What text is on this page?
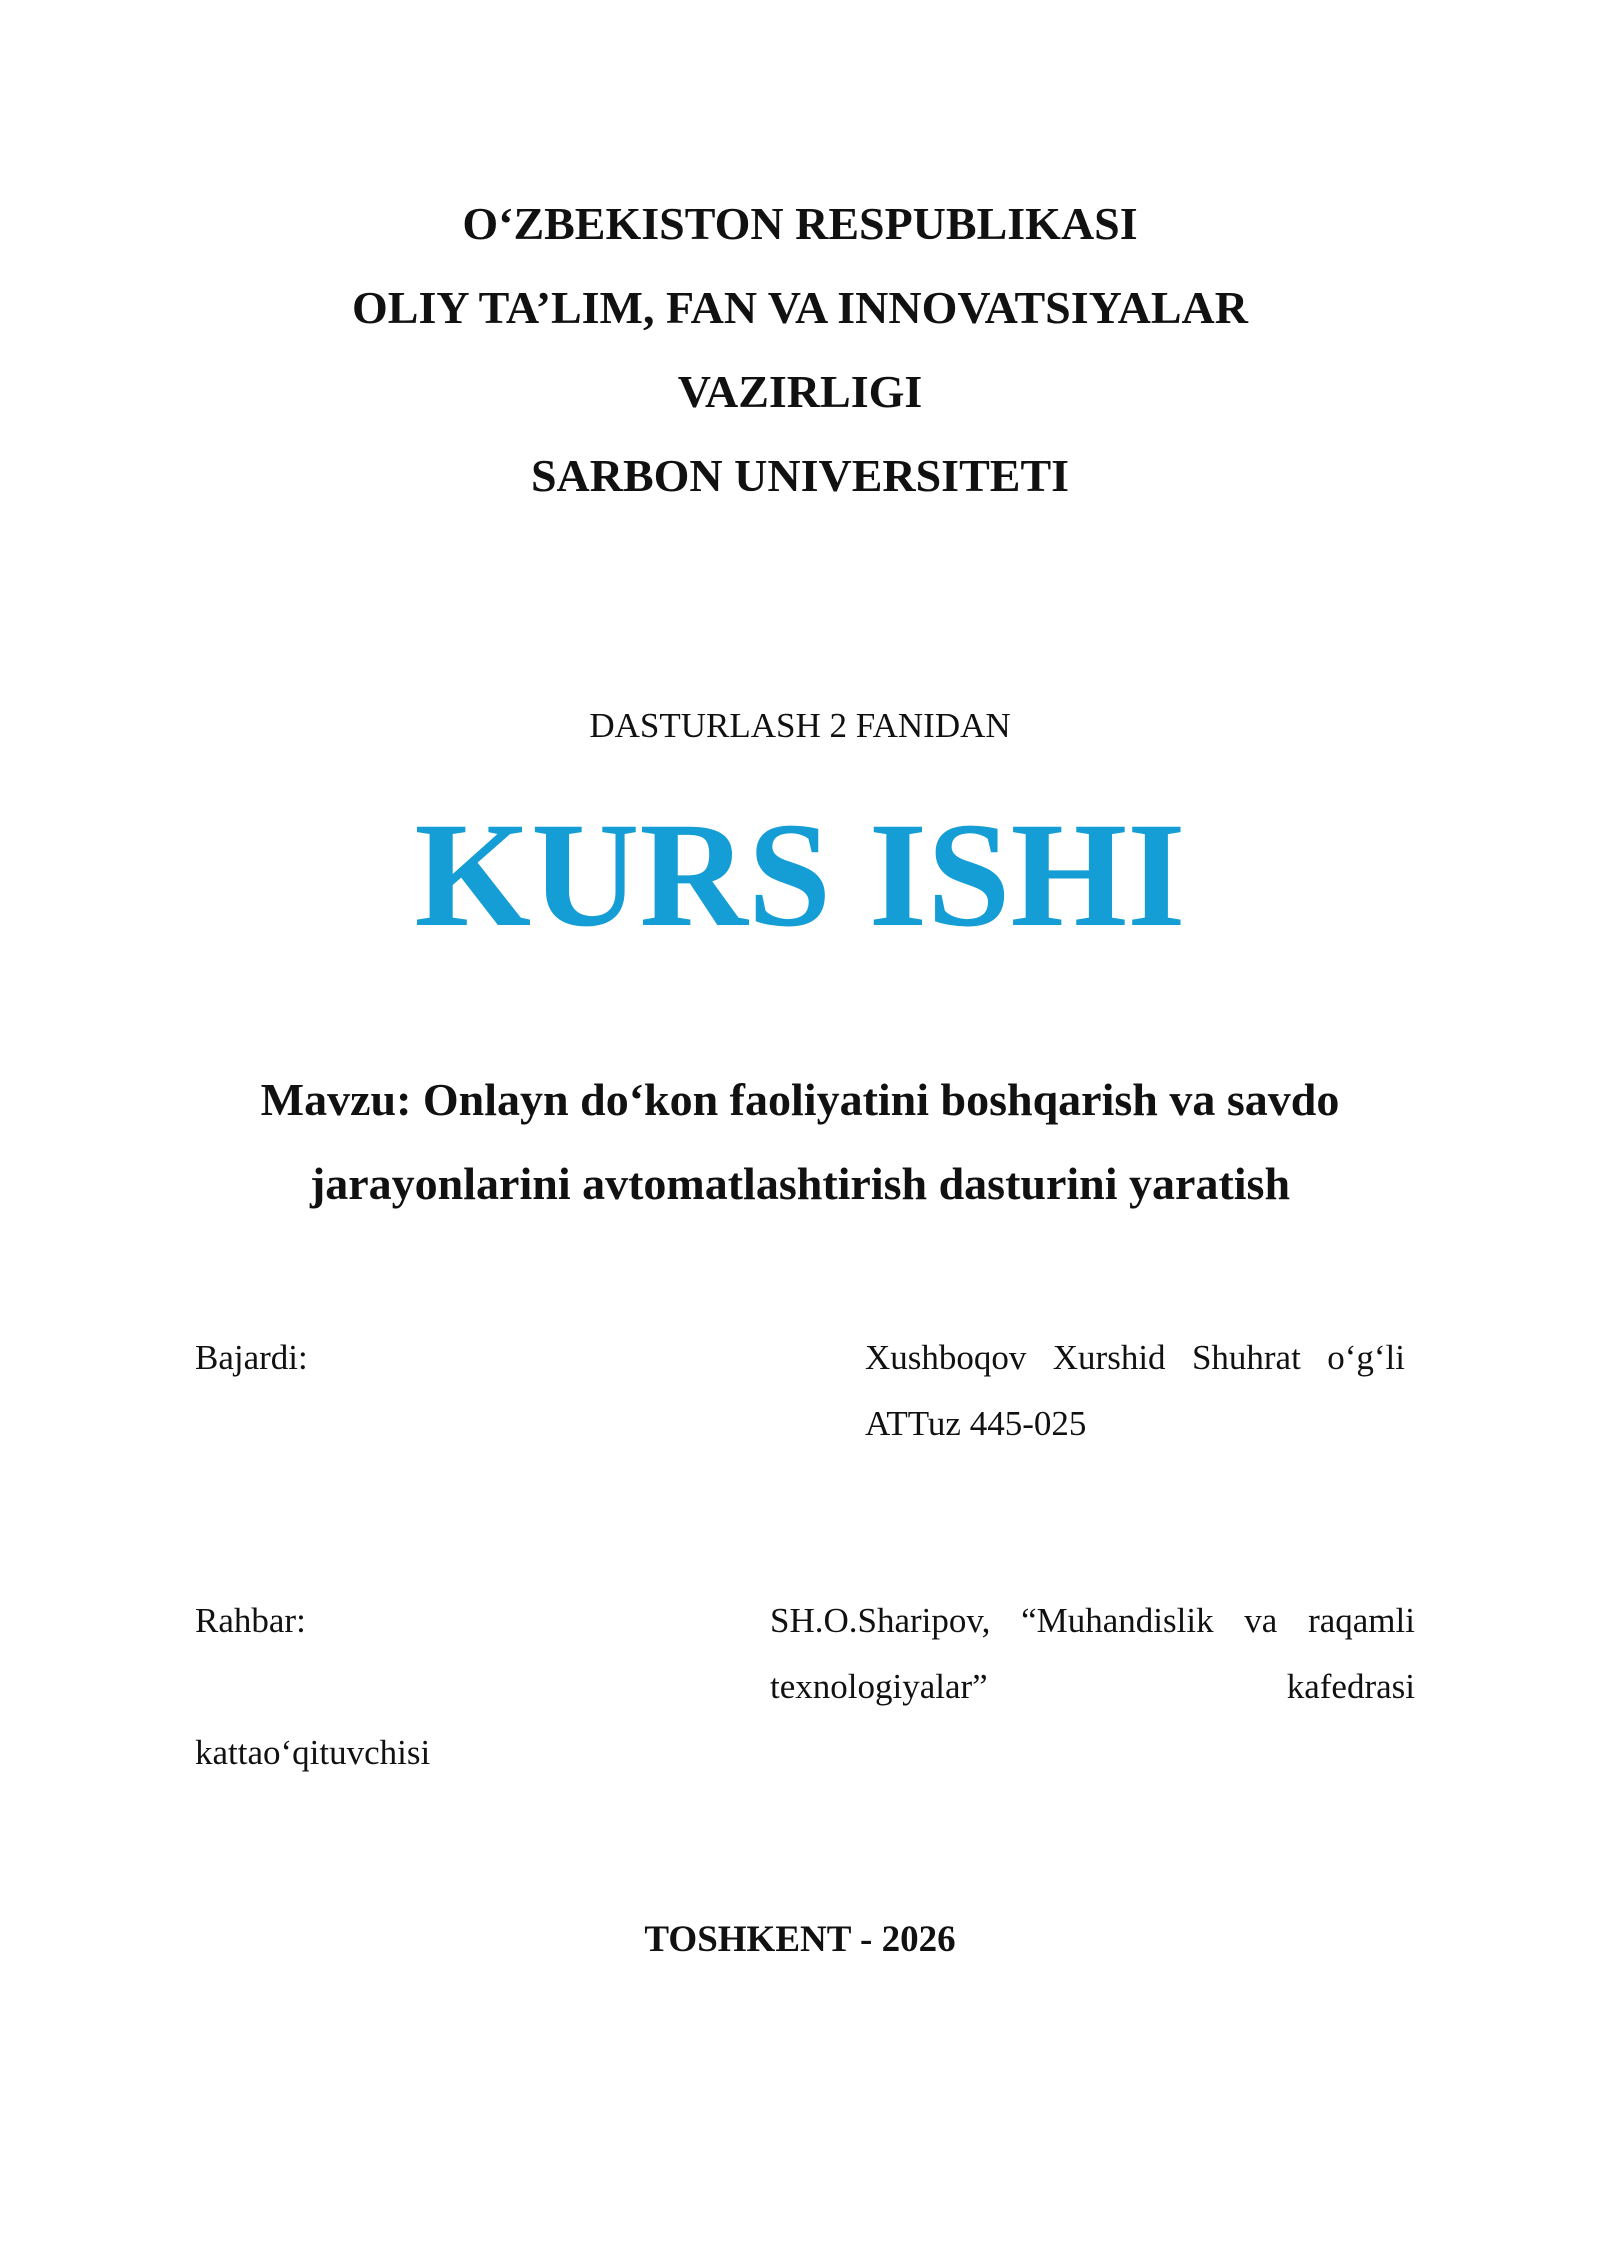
O‘ZBEKISTON RESPUBLIKASI
OLIY TA’LIM, FAN VA INNOVATSIYALAR
VAZIRLIGI
SARBON UNIVERSITETI
DASTURLASH 2 FANIDAN
KURS ISHI
Mavzu: Onlayn do‘kon faoliyatini boshqarish va savdo
jarayonlarini avtomatlashtirish dasturini yaratish
Bajardi:	Xushboqov Xurshid Shuhrat o‘g‘li
ATTuz 445-025
Rahbar:	SH.O.Sharipov, “Muhandislik va raqamli
texnologiyalar”	kafedrasi
kattao‘qituvchisi
TOSHKENT - 2026
